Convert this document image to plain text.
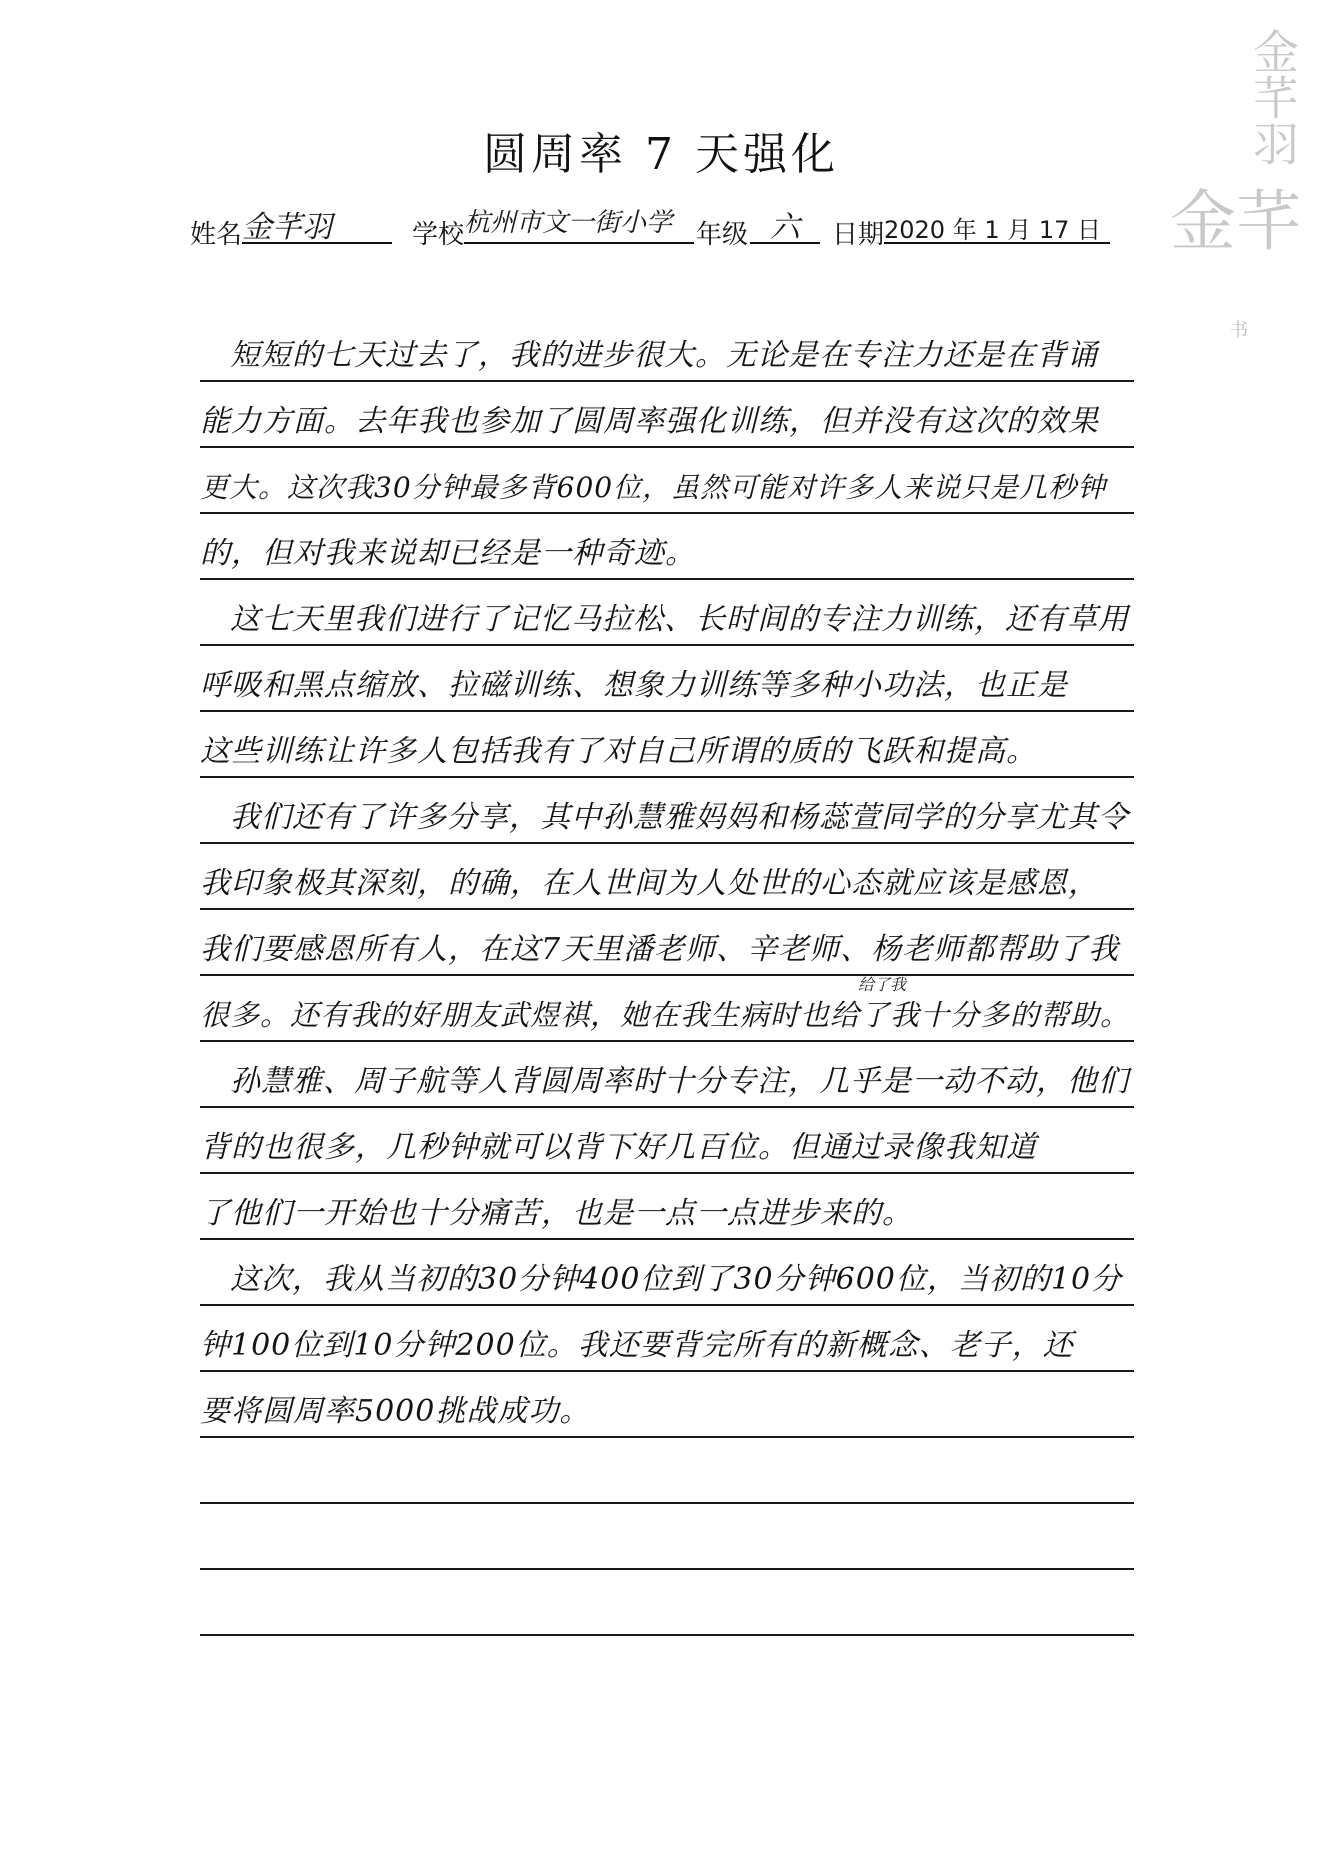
金芊羽
金芊
书
圆周率 7 天强化
姓名 金芊羽	学校 杭州市文一街小学 年级 六	日期 2020 年 1 月 17 日
短短的七天过去了，我的进步很大。无论是在专注力还是在背诵
能力方面。去年我也参加了圆周率强化训练，但并没有这次的效果
更大。这次我30分钟最多背600位，虽然可能对许多人来说只是几秒钟
的，但对我来说却已经是一种奇迹。
这七天里我们进行了记忆马拉松、长时间的专注力训练，还有草用
呼吸和黑点缩放、拉磁训练、想象力训练等多种小功法，也正是
这些训练让许多人包括我有了对自己所谓的质的飞跃和提高。
我们还有了许多分享，其中孙慧雅妈妈和杨蕊萱同学的分享尤其令
我印象极其深刻，的确，在人世间为人处世的心态就应该是感恩，
我们要感恩所有人，在这7天里潘老师、辛老师、杨老师都帮助了我
很多。还有我的好朋友武煜祺，她在我生病时也给了我十分多的帮助。
给了我
孙慧雅、周子航等人背圆周率时十分专注，几乎是一动不动，他们
背的也很多，几秒钟就可以背下好几百位。但通过录像我知道
了他们一开始也十分痛苦，也是一点一点进步来的。
这次，我从当初的30分钟400位到了30分钟600位，当初的10分
钟100位到10分钟200位。我还要背完所有的新概念、老子，还
要将圆周率5000挑战成功。
